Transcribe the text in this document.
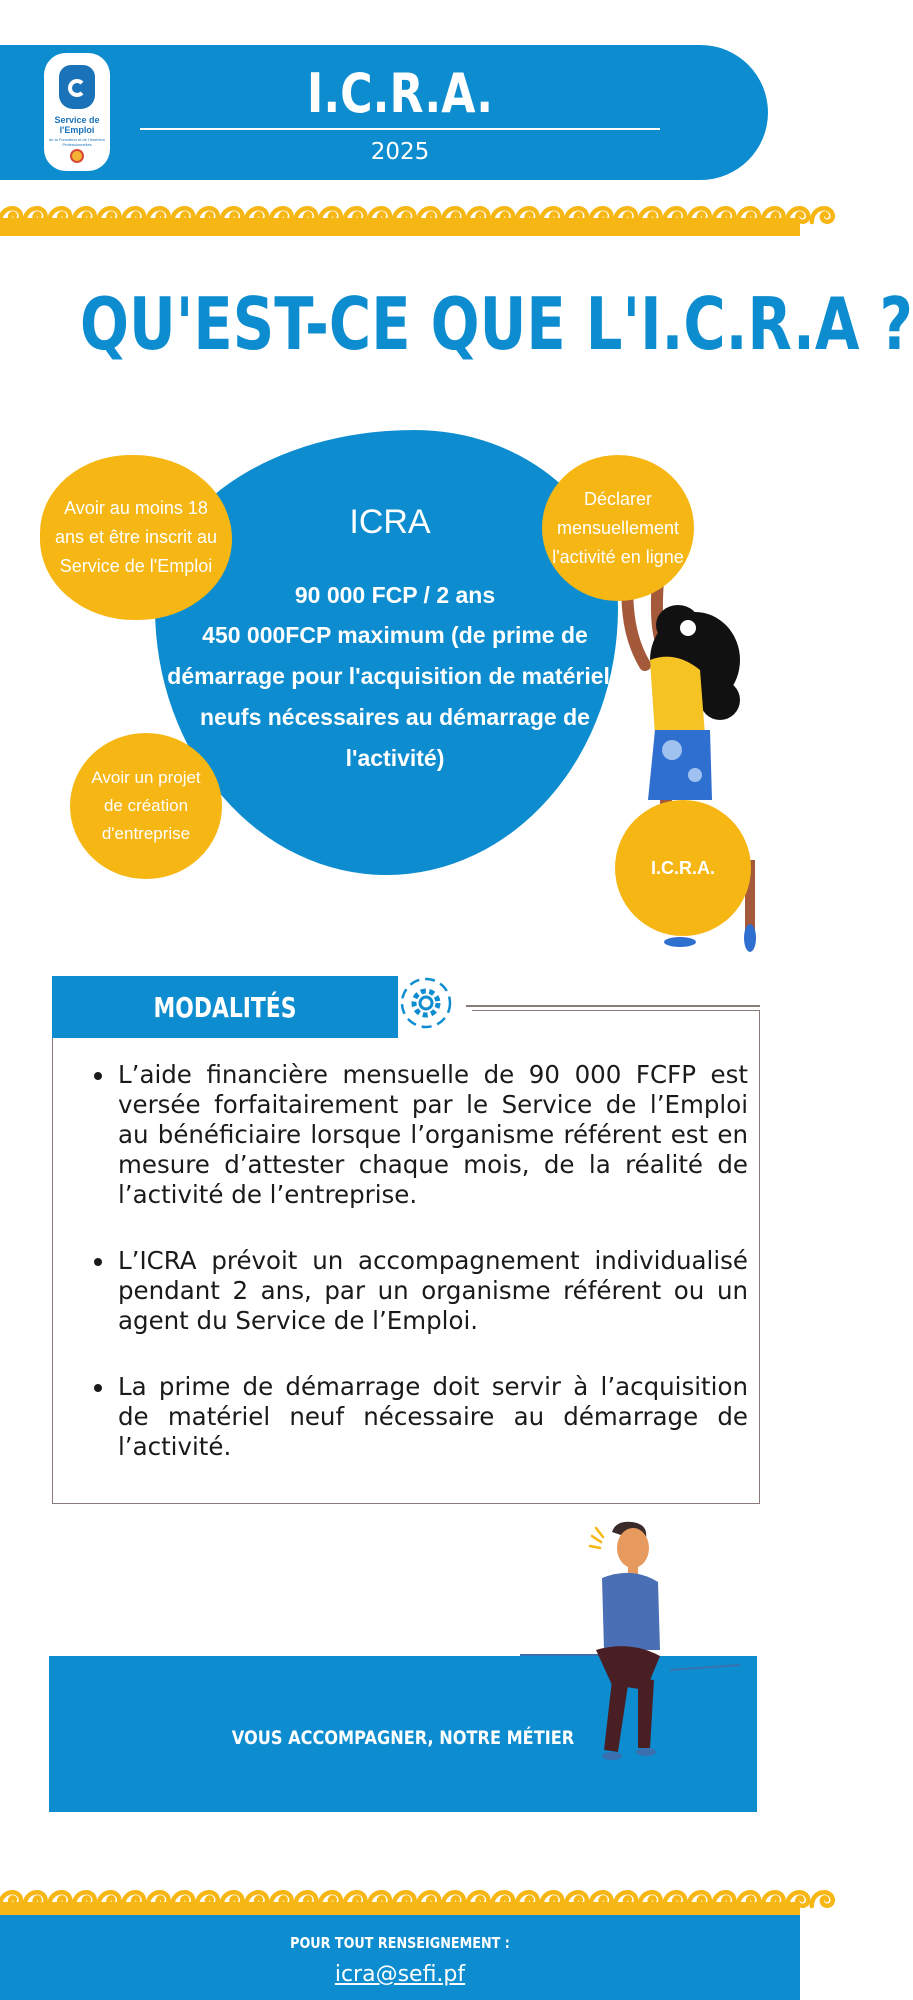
Service de
l'Emploi
de la Formation et de l'Insertion Professionnelles
I.C.R.A.
2025
QU'EST-CE QUE L'I.C.R.A ?
ICRA
90 000 FCP / 2 ans
450 000FCP maximum (de prime de démarrage pour l'acquisition de matériels neufs nécessaires au démarrage de l'activité)
Avoir au moins 18 ans et être inscrit au Service de l'Emploi
Avoir un projet de création d'entreprise
Déclarer mensuellement l'activité en ligne
I.C.R.A.
MODALITÉS
L’aide financière mensuelle de 90 000 FCFP est versée forfaitairement par le Service de l’Emploi au bénéficiaire lorsque l’organisme référent est en mesure d’attester chaque mois, de la réalité de l’activité de l’entreprise.
L’ICRA prévoit un accompagnement individualisé pendant 2 ans, par un organisme référent ou un agent du Service de l’Emploi.
La prime de démarrage doit servir à l’acquisition de matériel neuf nécessaire au démarrage de l’activité.
VOUS ACCOMPAGNER, NOTRE MÉTIER
POUR TOUT RENSEIGNEMENT :
icra@sefi.pf
